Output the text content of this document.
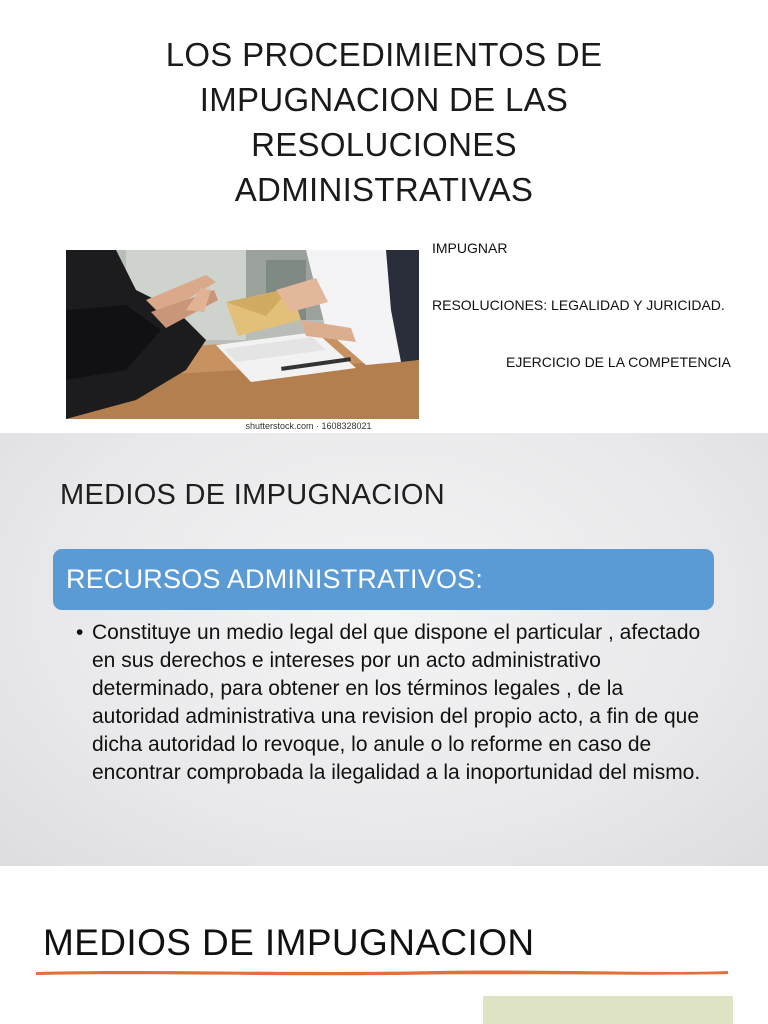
LOS PROCEDIMIENTOS DE
IMPUGNACION DE LAS
RESOLUCIONES
ADMINISTRATIVAS
shutterstock.com · 1608328021

IMPUGNAR

RESOLUCIONES: LEGALIDAD Y JURICIDAD.

EJERCICIO DE LA COMPETENCIA

MEDIOS DE IMPUGNACION
RECURSOS ADMINISTRATIVOS:
• Constituye un medio legal del que dispone el particular , afectado en sus derechos e intereses por un acto administrativo determinado, para obtener en los términos legales , de la autoridad administrativa una revision del propio acto, a fin de que dicha autoridad lo revoque, lo anule o lo reforme en caso de encontrar comprobada la ilegalidad a la inoportunidad del mismo.
MEDIOS DE IMPUGNACION
